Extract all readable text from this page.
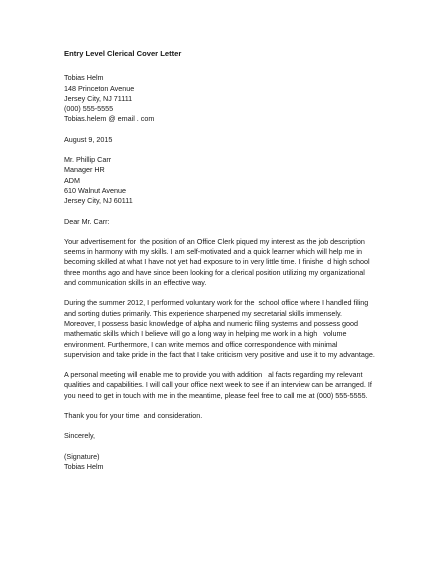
Entry Level Clerical Cover Letter
Tobias Helm
148 Princeton Avenue
Jersey City, NJ 71111
(000) 555-5555
Tobias.helem @ email . com
August 9, 2015
Mr. Phillip Carr
Manager HR
ADM
610 Walnut Avenue
Jersey City, NJ 60111
Dear Mr. Carr:
Your advertisement for  the position of an Office Clerk piqued my interest as the job description
seems in harmony with my skills. I am self-motivated and a quick learner which will help me in
becoming skilled at what I have not yet had exposure to in very little time. I finishe  d high school
three months ago and have since been looking for a clerical position utilizing my organizational
and communication skills in an effective way.
During the summer 2012, I performed voluntary work for the  school office where I handled filing
and sorting duties primarily. This experience sharpened my secretarial skills immensely.
Moreover, I possess basic knowledge of alpha and numeric filing systems and possess good
mathematic skills which I believe will go a long way in helping me work in a high   volume
environment. Furthermore, I can write memos and office correspondence with minimal
supervision and take pride in the fact that I take criticism very positive and use it to my advantage.
A personal meeting will enable me to provide you with addition   al facts regarding my relevant
qualities and capabilities. I will call your office next week to see if an interview can be arranged. If
you need to get in touch with me in the meantime, please feel free to call me at (000) 555-5555.
Thank you for your time  and consideration.
Sincerely,
(Signature)
Tobias Helm
